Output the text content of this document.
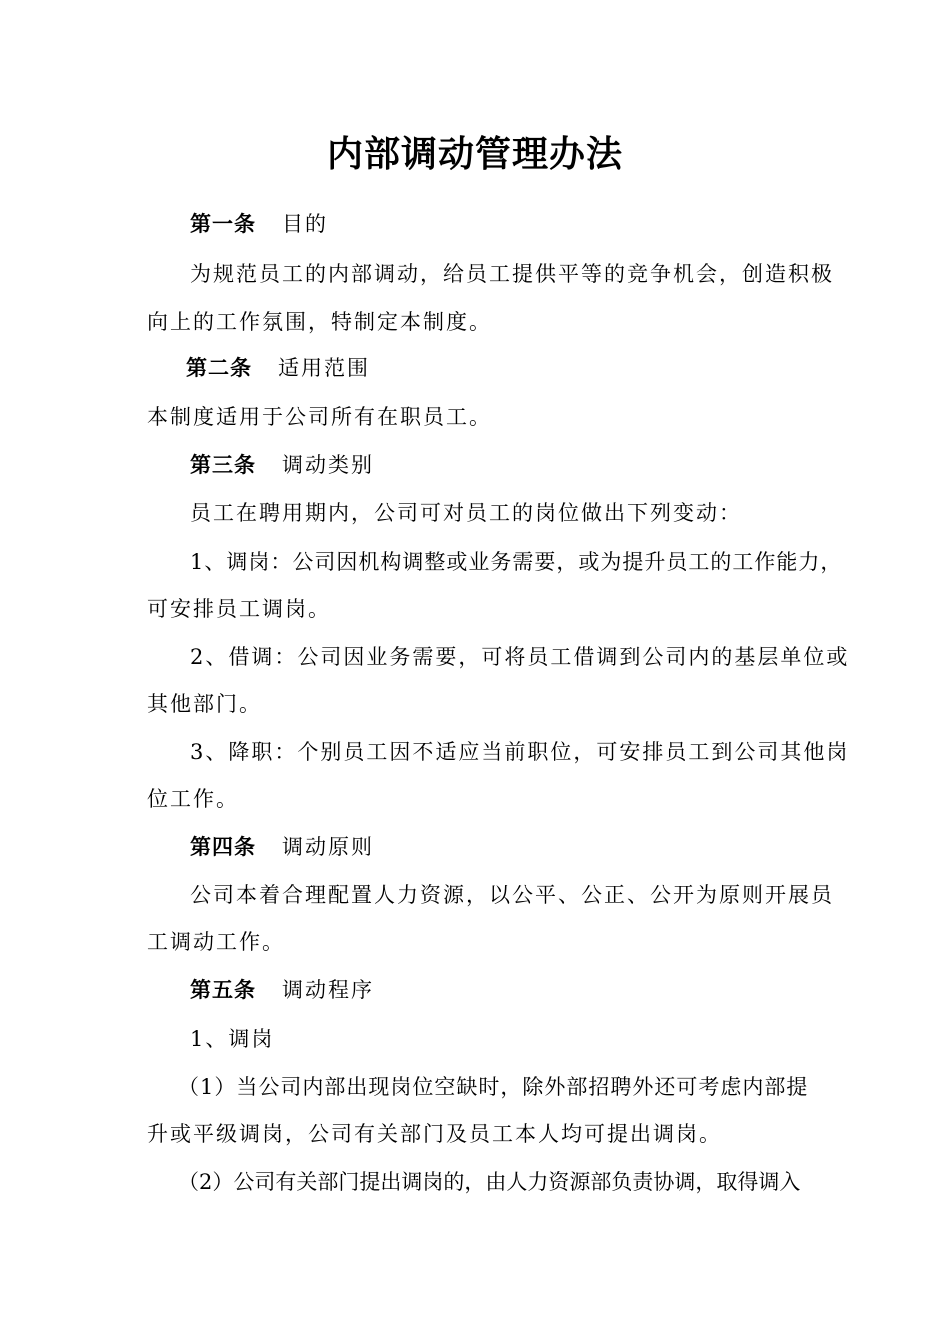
内部调动管理办法
第一条 目的
为规范员工的内部调动，给员工提供平等的竞争机会，创造积极
向上的工作氛围，特制定本制度。
第二条 适用范围
本制度适用于公司所有在职员工。
第三条 调动类别
员工在聘用期内，公司可对员工的岗位做出下列变动：
1、调岗：公司因机构调整或业务需要，或为提升员工的工作能力，
可安排员工调岗。
2、借调：公司因业务需要，可将员工借调到公司内的基层单位或
其他部门。
3、降职：个别员工因不适应当前职位，可安排员工到公司其他岗
位工作。
第四条 调动原则
公司本着合理配置人力资源，以公平、公正、公开为原则开展员
工调动工作。
第五条 调动程序
1、调岗
（1）当公司内部出现岗位空缺时，除外部招聘外还可考虑内部提
升或平级调岗，公司有关部门及员工本人均可提出调岗。
（2）公司有关部门提出调岗的，由人力资源部负责协调，取得调入
